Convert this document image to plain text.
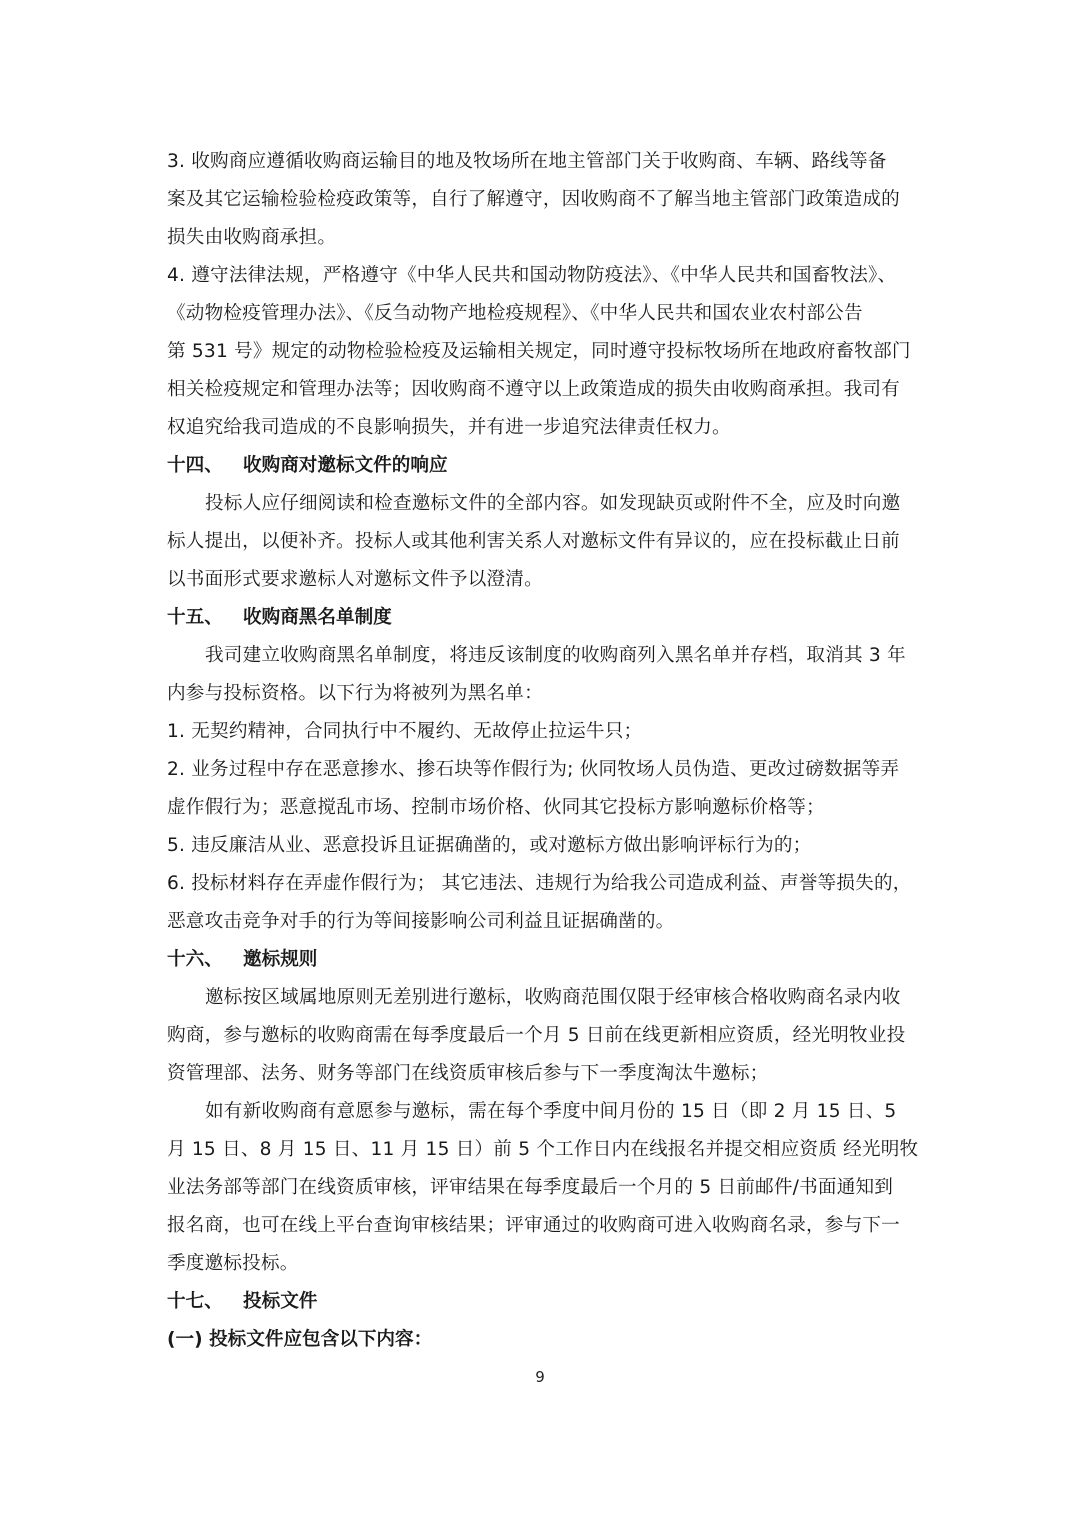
3. 收购商应遵循收购商运输目的地及牧场所在地主管部门关于收购商、车辆、路线等备
案及其它运输检验检疫政策等，自行了解遵守，因收购商不了解当地主管部门政策造成的
损失由收购商承担。
4. 遵守法律法规，严格遵守《中华人民共和国动物防疫法》、《中华人民共和国畜牧法》、
《动物检疫管理办法》、《反刍动物产地检疫规程》、《中华人民共和国农业农村部公告
第 531 号》规定的动物检验检疫及运输相关规定，同时遵守投标牧场所在地政府畜牧部门
相关检疫规定和管理办法等；因收购商不遵守以上政策造成的损失由收购商承担。我司有
权追究给我司造成的不良影响损失，并有进一步追究法律责任权力。
十四、 收购商对邀标文件的响应
投标人应仔细阅读和检查邀标文件的全部内容。如发现缺页或附件不全，应及时向邀
标人提出，以便补齐。投标人或其他利害关系人对邀标文件有异议的，应在投标截止日前
以书面形式要求邀标人对邀标文件予以澄清。
十五、 收购商黑名单制度
我司建立收购商黑名单制度，将违反该制度的收购商列入黑名单并存档，取消其 3 年
内参与投标资格。以下行为将被列为黑名单：
1. 无契约精神，合同执行中不履约、无故停止拉运牛只；
2. 业务过程中存在恶意掺水、掺石块等作假行为; 伙同牧场人员伪造、更改过磅数据等弄
虚作假行为；恶意搅乱市场、控制市场价格、伙同其它投标方影响邀标价格等；
5. 违反廉洁从业、恶意投诉且证据确凿的，或对邀标方做出影响评标行为的；
6. 投标材料存在弄虚作假行为； 其它违法、违规行为给我公司造成利益、声誉等损失的，
恶意攻击竞争对手的行为等间接影响公司利益且证据确凿的。
十六、 邀标规则
邀标按区域属地原则无差别进行邀标，收购商范围仅限于经审核合格收购商名录内收
购商，参与邀标的收购商需在每季度最后一个月 5 日前在线更新相应资质，经光明牧业投
资管理部、法务、财务等部门在线资质审核后参与下一季度淘汰牛邀标；
如有新收购商有意愿参与邀标，需在每个季度中间月份的 15 日（即 2 月 15 日、5
月 15 日、8 月 15 日、11 月 15 日）前 5 个工作日内在线报名并提交相应资质 经光明牧
业法务部等部门在线资质审核，评审结果在每季度最后一个月的 5 日前邮件/书面通知到
报名商，也可在线上平台查询审核结果；评审通过的收购商可进入收购商名录，参与下一
季度邀标投标。
十七、 投标文件
(一) 投标文件应包含以下内容：
9
